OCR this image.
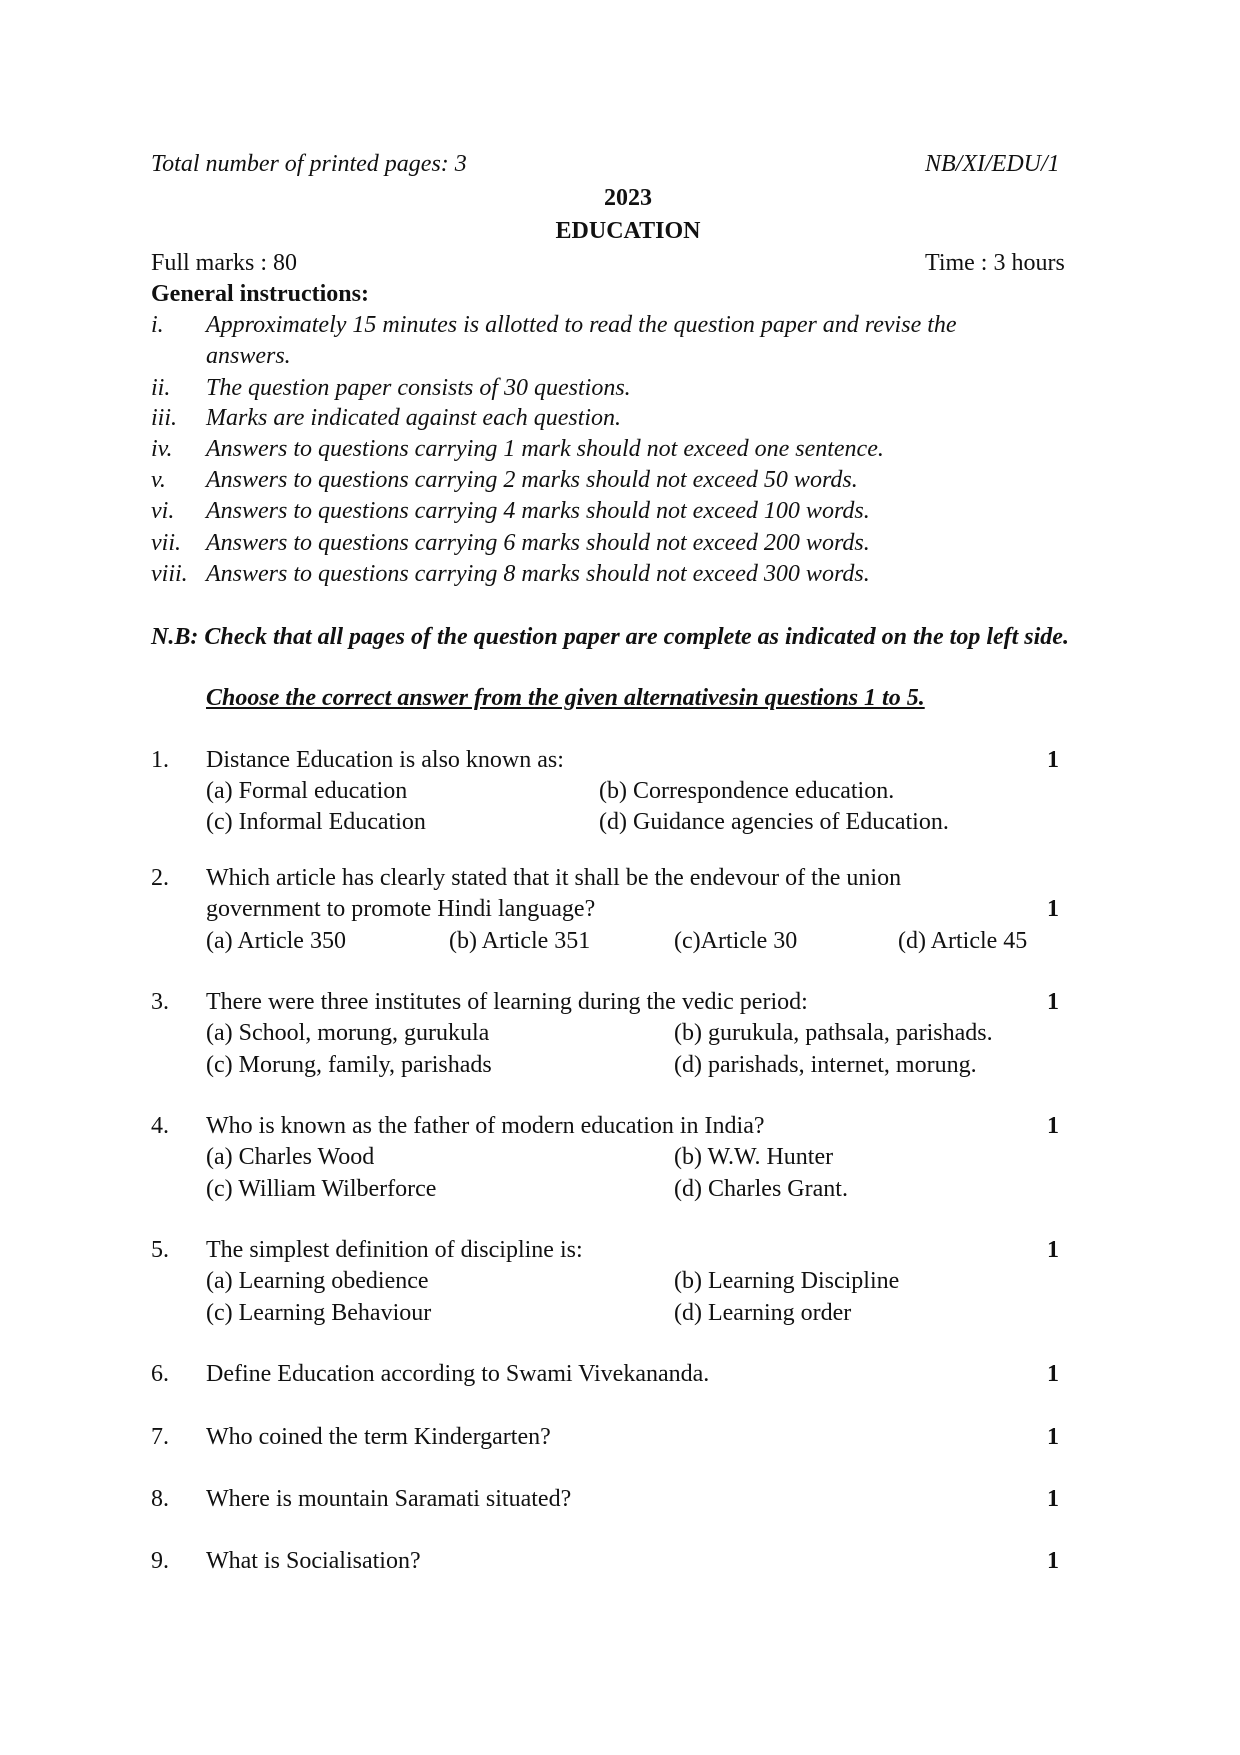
Total number of printed pages: 3	NB/XI/EDU/1
2023
EDUCATION
Full marks : 80	Time : 3 hours
General instructions:
i. Approximately 15 minutes is allotted to read the question paper and revise the
answers.
ii. The question paper consists of 30 questions.
iii. Marks are indicated against each question.
iv. Answers to questions carrying 1 mark should not exceed one sentence.
v. Answers to questions carrying 2 marks should not exceed 50 words.
vi. Answers to questions carrying 4 marks should not exceed 100 words.
vii. Answers to questions carrying 6 marks should not exceed 200 words.
viii. Answers to questions carrying 8 marks should not exceed 300 words.
N.B: Check that all pages of the question paper are complete as indicated on the top left side.
Choose the correct answer from the given alternativesin questions 1 to 5.
1. Distance Education is also known as:	1
(a) Formal education	(b) Correspondence education.
(c) Informal Education	(d) Guidance agencies of Education.
2. Which article has clearly stated that it shall be the endevour of the union
government to promote Hindi language?	1
(a) Article 350	(b) Article 351	(c)Article 30	(d) Article 45
3. There were three institutes of learning during the vedic period:	1
(a) School, morung, gurukula	(b) gurukula, pathsala, parishads.
(c) Morung, family, parishads	(d) parishads, internet, morung.
4. Who is known as the father of modern education in India?	1
(a) Charles Wood	(b) W.W. Hunter
(c) William Wilberforce	(d) Charles Grant.
5. The simplest definition of discipline is:	1
(a) Learning obedience	(b) Learning Discipline
(c) Learning Behaviour	(d) Learning order
6. Define Education according to Swami Vivekananda.	1
7. Who coined the term Kindergarten?	1
8. Where is mountain Saramati situated?	1
9. What is Socialisation?	1
